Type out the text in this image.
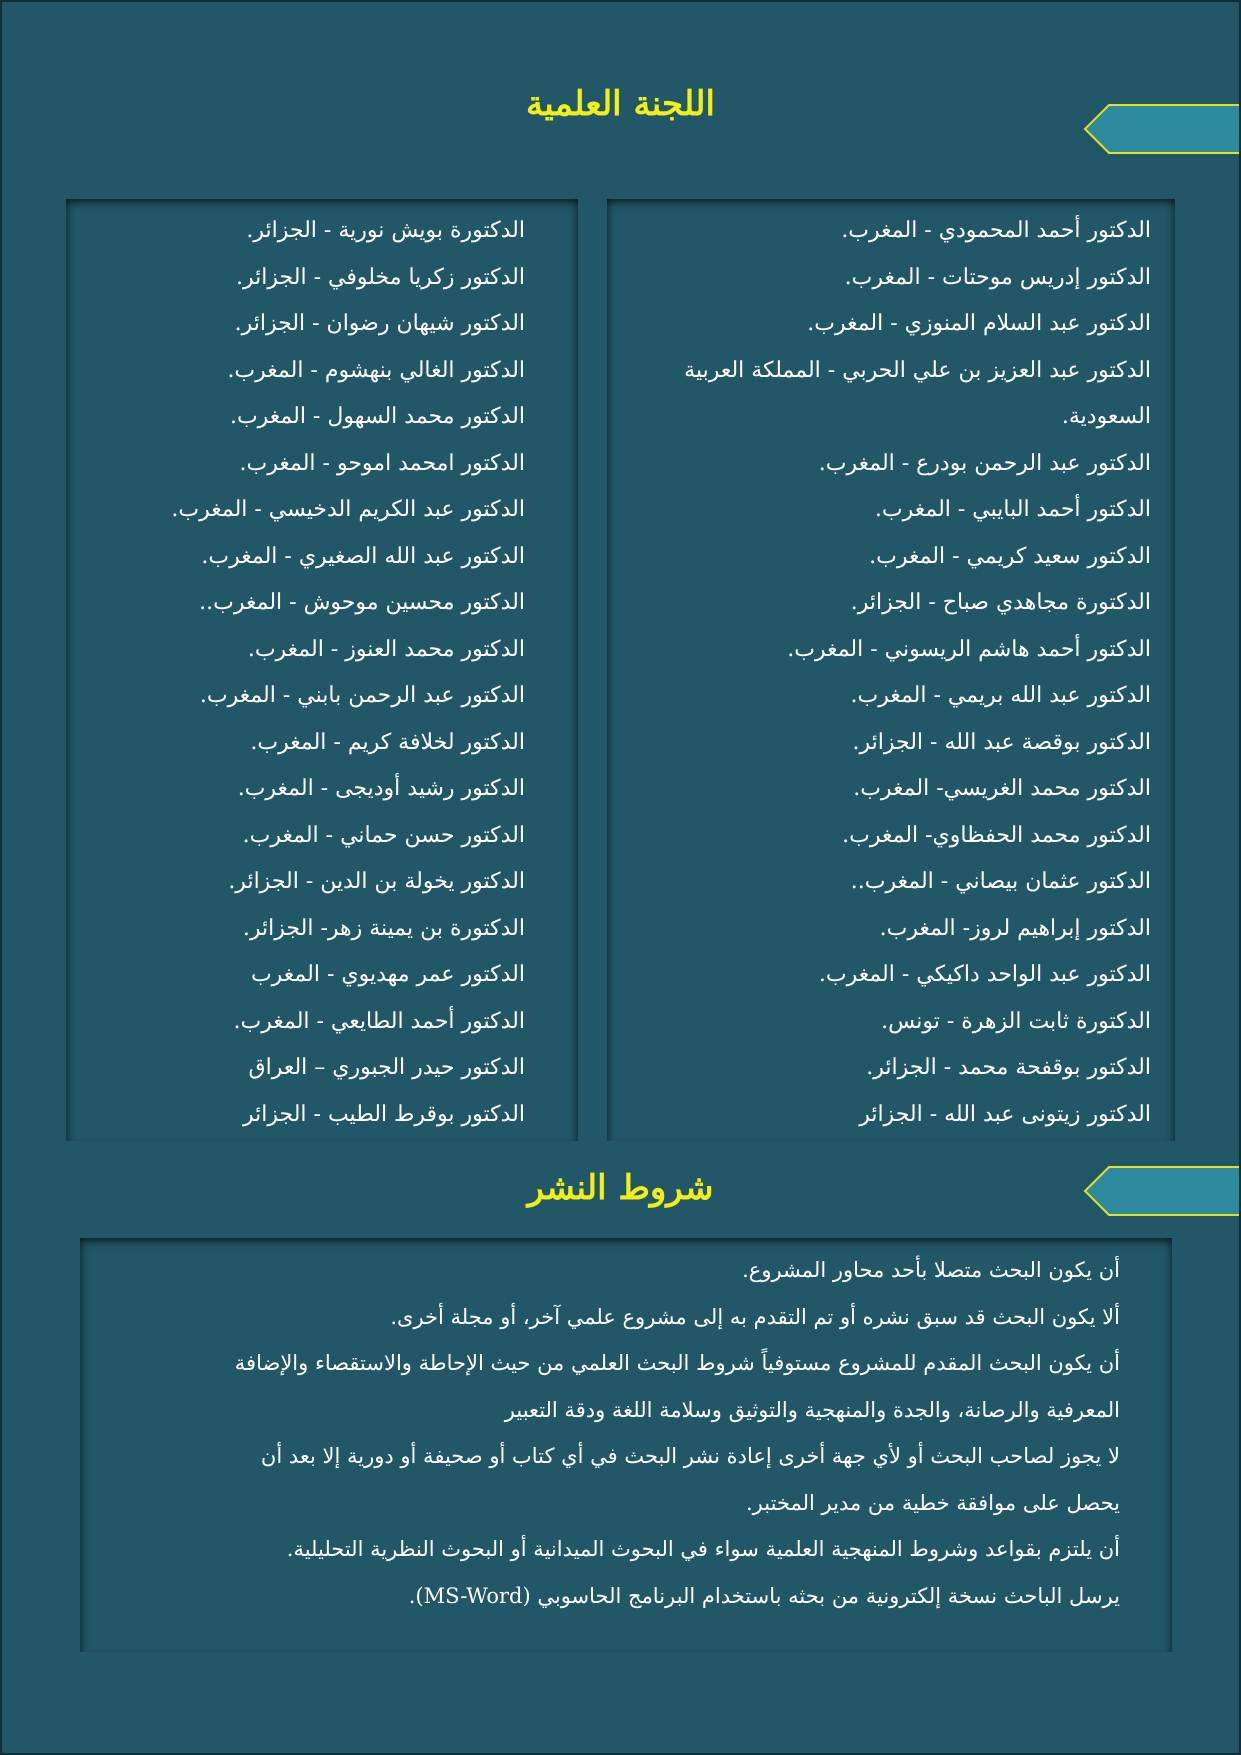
اللجنة العلمية
الدكتور أحمد المحمودي - المغرب.
الدكتور إدريس موحتات - المغرب.
الدكتور عبد السلام المنوزي - المغرب.
الدكتور عبد العزيز بن علي الحربي - المملكة العربية
السعودية.
الدكتور عبد الرحمن بودرع - المغرب.
الدكتور أحمد البايبي - المغرب.
الدكتور سعيد كريمي - المغرب.
الدكتورة مجاهدي صباح - الجزائر.
الدكتور أحمد هاشم الريسوني - المغرب.
الدكتور عبد الله بريمي - المغرب.
الدكتور بوقصة عبد الله - الجزائر.
الدكتور محمد الغريسي- المغرب.
الدكتور محمد الحفظاوي- المغرب.
الدكتور عثمان بيصاني - المغرب..
الدكتور إبراهيم لروز- المغرب.
الدكتور عبد الواحد داكيكي - المغرب.
الدكتورة ثابت الزهرة - تونس.
الدكتور بوقفحة محمد - الجزائر.
الدكتور زيتونى عبد الله - الجزائر
الدكتورة بويش نورية - الجزائر.
الدكتور زكريا مخلوفي - الجزائر.
الدكتور شيهان رضوان - الجزائر.
الدكتور الغالي بنهشوم - المغرب.
الدكتور محمد السهول - المغرب.
الدكتور امحمد اموحو - المغرب.
الدكتور عبد الكريم الدخيسي - المغرب.
الدكتور عبد الله الصغيري - المغرب.
الدكتور محسين موحوش - المغرب..
الدكتور محمد العنوز - المغرب.
الدكتور عبد الرحمن بابني - المغرب.
الدكتور لخلافة كريم - المغرب.
الدكتور رشيد أوديجى - المغرب.
الدكتور حسن حماني - المغرب.
الدكتور يخولة بن الدين - الجزائر.
الدكتورة بن يمينة زهر- الجزائر.
الدكتور عمر مهديوي - المغرب
الدكتور أحمد الطايعي - المغرب.
الدكتور حيدر الجبوري – العراق
الدكتور بوقرط الطيب - الجزائر
شروط النشر
أن يكون البحث متصلا بأحد محاور المشروع.
ألا يكون البحث قد سبق نشره أو تم التقدم به إلى مشروع علمي آخر، أو مجلة أخرى.
أن يكون البحث المقدم للمشروع مستوفياً شروط البحث العلمي من حيث الإحاطة والاستقصاء والإضافة
المعرفية والرصانة، والجدة والمنهجية والتوثيق وسلامة اللغة ودقة التعبير
لا يجوز لصاحب البحث أو لأي جهة أخرى إعادة نشر البحث في أي كتاب أو صحيفة أو دورية إلا بعد أن
يحصل على موافقة خطية من مدير المختبر.
أن يلتزم بقواعد وشروط المنهجية العلمية سواء في البحوث الميدانية أو البحوث النظرية التحليلية.
يرسل الباحث نسخة إلكترونية من بحثه باستخدام البرنامج الحاسوبي (MS-Word).
